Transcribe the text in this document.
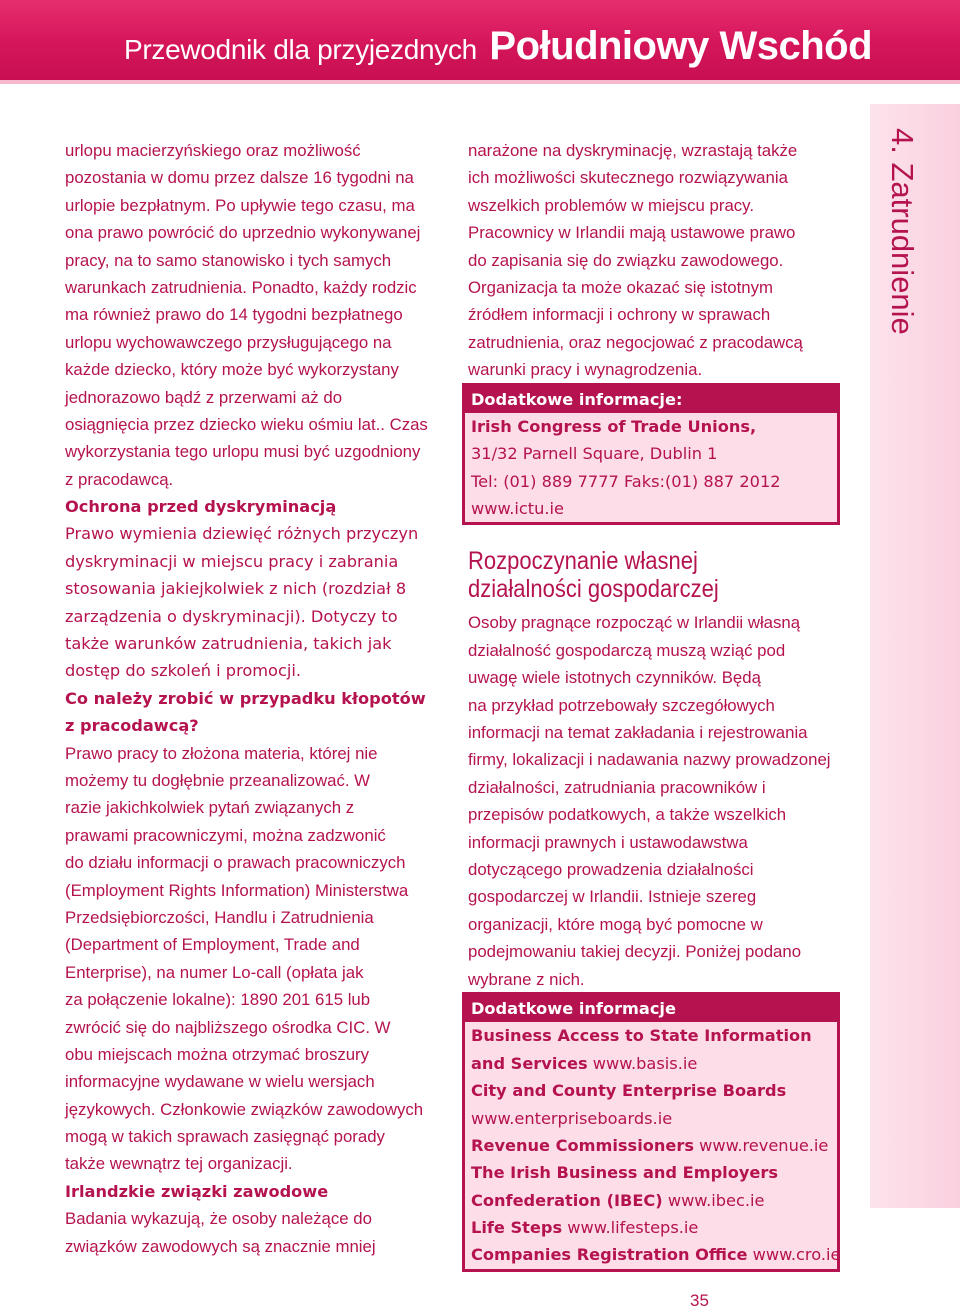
Przewodnik dla przyjezdnych Południowy Wschód
4. Zatrudnienie
urlopu macierzyńskiego oraz możliwość
pozostania w domu przez dalsze 16 tygodni na
urlopie bezpłatnym. Po upływie tego czasu, ma
ona prawo powrócić do uprzednio wykonywanej
pracy, na to samo stanowisko i tych samych
warunkach zatrudnienia. Ponadto, każdy rodzic
ma również prawo do 14 tygodni bezpłatnego
urlopu wychowawczego przysługującego na
każde dziecko, który może być wykorzystany
jednorazowo bądź z przerwami aż do
osiągnięcia przez dziecko wieku ośmiu lat.. Czas
wykorzystania tego urlopu musi być uzgodniony
z pracodawcą.
Ochrona przed dyskryminacją
Prawo wymienia dziewięć różnych przyczyn
dyskryminacji w miejscu pracy i zabrania
stosowania jakiejkolwiek z nich (rozdział 8
zarządzenia o dyskryminacji). Dotyczy to
także warunków zatrudnienia, takich jak
dostęp do szkoleń i promocji.
Co należy zrobić w przypadku kłopotów
z pracodawcą?
Prawo pracy to złożona materia, której nie
możemy tu dogłębnie przeanalizować. W
razie jakichkolwiek pytań związanych z
prawami pracowniczymi, można zadzwonić
do działu informacji o prawach pracowniczych
(Employment Rights Information) Ministerstwa
Przedsiębiorczości, Handlu i Zatrudnienia
(Department of Employment, Trade and
Enterprise), na numer Lo-call (opłata jak
za połączenie lokalne): 1890 201 615 lub
zwrócić się do najbliższego ośrodka CIC. W
obu miejscach można otrzymać broszury
informacyjne wydawane w wielu wersjach
językowych. Członkowie związków zawodowych
mogą w takich sprawach zasięgnąć porady
także wewnątrz tej organizacji.
Irlandzkie związki zawodowe
Badania wykazują, że osoby należące do
związków zawodowych są znacznie mniej
narażone na dyskryminację, wzrastają także
ich możliwości skutecznego rozwiązywania
wszelkich problemów w miejscu pracy.
Pracownicy w Irlandii mają ustawowe prawo
do zapisania się do związku zawodowego.
Organizacja ta może okazać się istotnym
źródłem informacji i ochrony w sprawach
zatrudnienia, oraz negocjować z pracodawcą
warunki pracy i wynagrodzenia.
Dodatkowe informacje:
Irish Congress of Trade Unions,
31/32 Parnell Square, Dublin 1
Tel: (01) 889 7777 Faks:(01) 887 2012
www.ictu.ie
Rozpoczynanie własnej
działalności gospodarczej
Osoby pragnące rozpocząć w Irlandii własną
działalność gospodarczą muszą wziąć pod
uwagę wiele istotnych czynników. Będą
na przykład potrzebowały szczegółowych
informacji na temat zakładania i rejestrowania
firmy, lokalizacji i nadawania nazwy prowadzonej
działalności, zatrudniania pracowników i
przepisów podatkowych, a także wszelkich
informacji prawnych i ustawodawstwa
dotyczącego prowadzenia działalności
gospodarczej w Irlandii. Istnieje szereg
organizacji, które mogą być pomocne w
podejmowaniu takiej decyzji. Poniżej podano
wybrane z nich.
Dodatkowe informacje
Business Access to State Information
and Services www.basis.ie
City and County Enterprise Boards
www.enterpriseboards.ie
Revenue Commissioners www.revenue.ie
The Irish Business and Employers
Confederation (IBEC) www.ibec.ie
Life Steps www.lifesteps.ie
Companies Registration Office www.cro.ie
35
